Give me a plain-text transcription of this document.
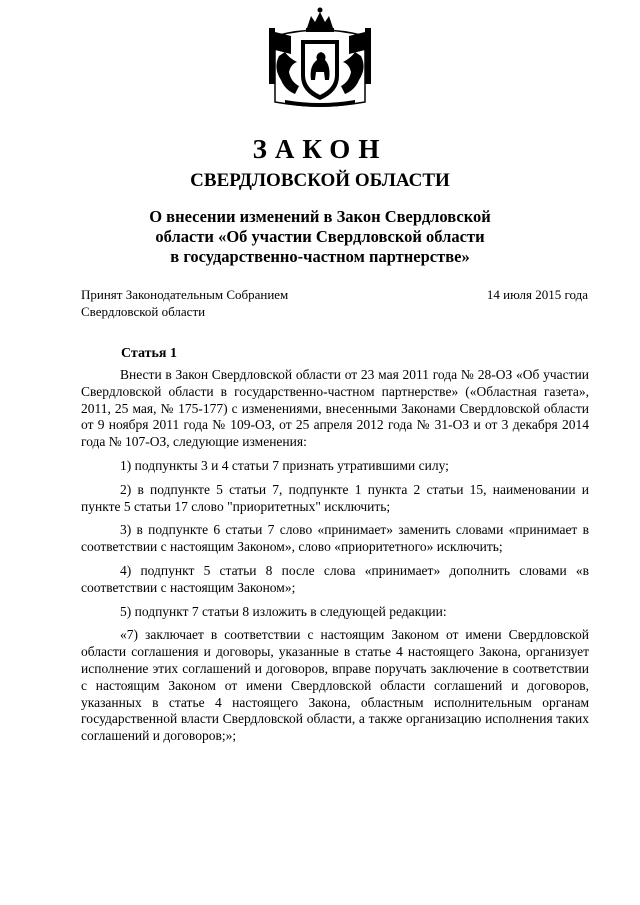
ЗАКОН
СВЕРДЛОВСКОЙ ОБЛАСТИ
О внесении изменений в Закон Свердловской
области «Об участии Свердловской области
в государственно-частном партнерстве»
Принят Законодательным Собранием
Свердловской области
14 июля 2015 года
Статья 1

Внести в Закон Свердловской области от 23 мая 2011 года № 28-ОЗ «Об участии Свердловской области в государственно-частном партнерстве» («Областная газета», 2011, 25 мая, № 175-177) с изменениями, внесенными Законами Свердловской области от 9 ноября 2011 года № 109-ОЗ, от 25 апреля 2012 года № 31-ОЗ и от 3 декабря 2014 года № 107-ОЗ, следующие изменения:

1) подпункты 3 и 4 статьи 7 признать утратившими силу;

2) в подпункте 5 статьи 7, подпункте 1 пункта 2 статьи 15, наименовании и пункте 5 статьи 17 слово "приоритетных" исключить;

3) в подпункте 6 статьи 7 слово «принимает» заменить словами «принимает в соответствии с настоящим Законом», слово «приоритетного» исключить;

4) подпункт 5 статьи 8 после слова «принимает» дополнить словами «в соответствии с настоящим Законом»;

5) подпункт 7 статьи 8 изложить в следующей редакции:

«7) заключает в соответствии с настоящим Законом от имени Свердловской области соглашения и договоры, указанные в статье 4 настоящего Закона, организует исполнение этих соглашений и договоров, вправе поручать заключение в соответствии с настоящим Законом от имени Свердловской области соглашений и договоров, указанных в статье 4 настоящего Закона, областным исполнительным органам государственной власти Свердловской области, а также организацию исполнения таких соглашений и договоров;»;
